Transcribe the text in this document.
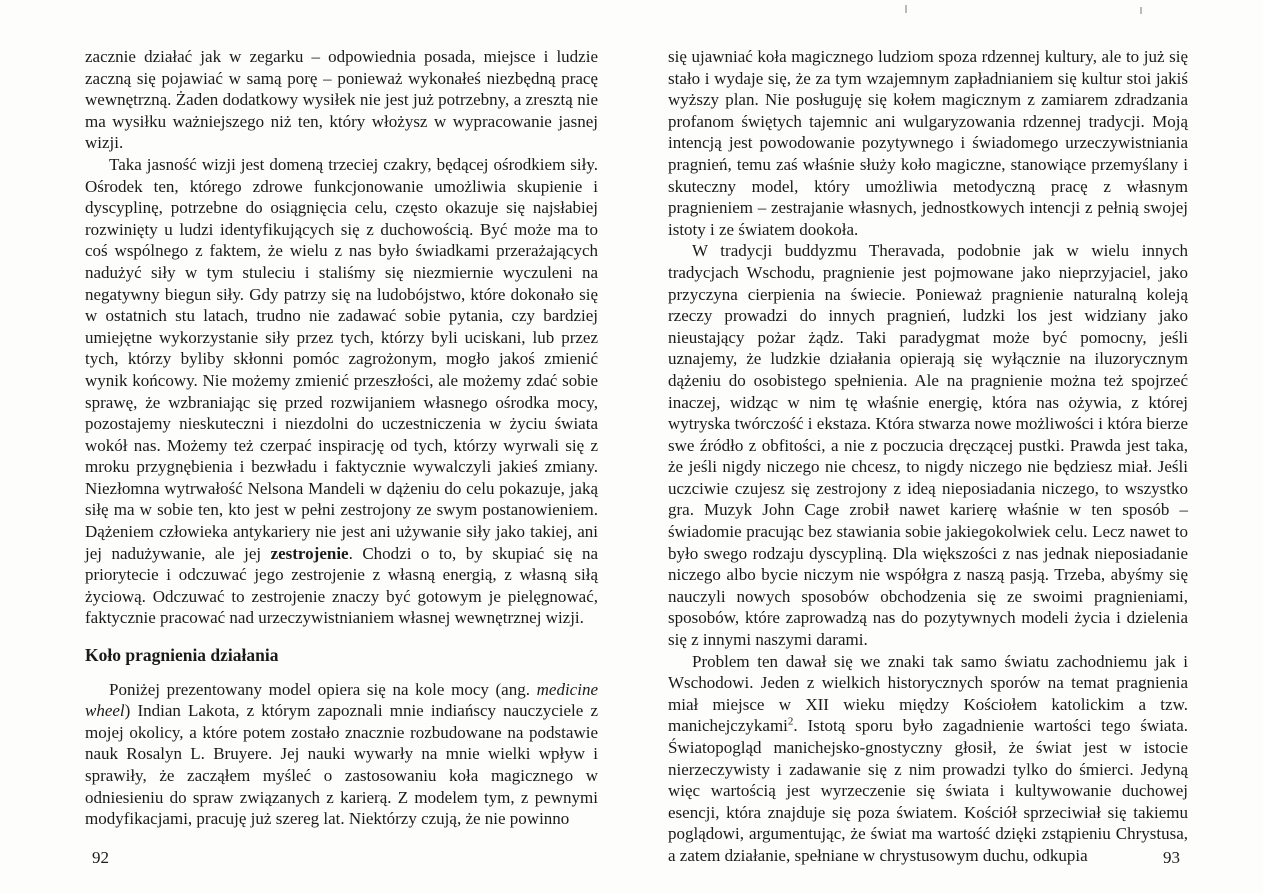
zacznie działać jak w zegarku – odpowiednia posada, miejsce i ludzie zaczną się pojawiać w samą porę – ponieważ wykonałeś niezbędną pracę wewnętrzną. Żaden dodatkowy wysiłek nie jest już potrzebny, a zresztą nie ma wysiłku ważniejszego niż ten, który włożysz w wypracowanie jasnej wizji.

Taka jasność wizji jest domeną trzeciej czakry, będącej ośrodkiem siły. Ośrodek ten, którego zdrowe funkcjonowanie umożliwia skupienie i dyscyplinę, potrzebne do osiągnięcia celu, często okazuje się najsłabiej rozwinięty u ludzi identyfikujących się z duchowością. Być może ma to coś wspólnego z faktem, że wielu z nas było świadkami przerażających nadużyć siły w tym stuleciu i staliśmy się niezmiernie wyczuleni na negatywny biegun siły. Gdy patrzy się na ludobójstwo, które dokonało się w ostatnich stu latach, trudno nie zadawać sobie pytania, czy bardziej umiejętne wykorzystanie siły przez tych, którzy byli uciskani, lub przez tych, którzy byliby skłonni pomóc zagrożonym, mogło jakoś zmienić wynik końcowy. Nie możemy zmienić przeszłości, ale możemy zdać sobie sprawę, że wzbraniając się przed rozwijaniem własnego ośrodka mocy, pozostajemy nieskuteczni i niezdolni do uczestniczenia w życiu świata wokół nas. Możemy też czerpać inspirację od tych, którzy wyrwali się z mroku przygnębienia i bezwładu i faktycznie wywalczyli jakieś zmiany. Niezłomna wytrwałość Nelsona Mandeli w dążeniu do celu pokazuje, jaką siłę ma w sobie ten, kto jest w pełni zestrojony ze swym postanowieniem. Dążeniem człowieka antykariery nie jest ani używanie siły jako takiej, ani jej nadużywanie, ale jej zestrojenie. Chodzi o to, by skupiać się na priorytecie i odczuwać jego zestrojenie z własną energią, z własną siłą życiową. Odczuwać to zestrojenie znaczy być gotowym je pielęgnować, faktycznie pracować nad urzeczywistnianiem własnej wewnętrznej wizji.

Koło pragnienia działania

Poniżej prezentowany model opiera się na kole mocy (ang. medicine wheel) Indian Lakota, z którym zapoznali mnie indiańscy nauczyciele z mojej okolicy, a które potem zostało znacznie rozbudowane na podstawie nauk Rosalyn L. Bruyere. Jej nauki wywarły na mnie wielki wpływ i sprawiły, że zacząłem myśleć o zastosowaniu koła magicznego w odniesieniu do spraw związanych z karierą. Z modelem tym, z pewnymi modyfikacjami, pracuję już szereg lat. Niektórzy czują, że nie powinno

się ujawniać koła magicznego ludziom spoza rdzennej kultury, ale to już się stało i wydaje się, że za tym wzajemnym zapładnianiem się kultur stoi jakiś wyższy plan. Nie posługuję się kołem magicznym z zamiarem zdradzania profanom świętych tajemnic ani wulgaryzowania rdzennej tradycji. Moją intencją jest powodowanie pozytywnego i świadomego urzeczywistniania pragnień, temu zaś właśnie służy koło magiczne, stanowiące przemyślany i skuteczny model, który umożliwia metodyczną pracę z własnym pragnieniem – zestrajanie własnych, jednostkowych intencji z pełnią swojej istoty i ze światem dookoła.

W tradycji buddyzmu Theravada, podobnie jak w wielu innych tradycjach Wschodu, pragnienie jest pojmowane jako nieprzyjaciel, jako przyczyna cierpienia na świecie. Ponieważ pragnienie naturalną koleją rzeczy prowadzi do innych pragnień, ludzki los jest widziany jako nieustający pożar żądz. Taki paradygmat może być pomocny, jeśli uznajemy, że ludzkie działania opierają się wyłącznie na iluzorycznym dążeniu do osobistego spełnienia. Ale na pragnienie można też spojrzeć inaczej, widząc w nim tę właśnie energię, która nas ożywia, z której wytryska twórczość i ekstaza. Która stwarza nowe możliwości i która bierze swe źródło z obfitości, a nie z poczucia dręczącej pustki. Prawda jest taka, że jeśli nigdy niczego nie chcesz, to nigdy niczego nie będziesz miał. Jeśli uczciwie czujesz się zestrojony z ideą nieposiadania niczego, to wszystko gra. Muzyk John Cage zrobił nawet karierę właśnie w ten sposób – świadomie pracując bez stawiania sobie jakiegokolwiek celu. Lecz nawet to było swego rodzaju dyscypliną. Dla większości z nas jednak nieposiadanie niczego albo bycie niczym nie współgra z naszą pasją. Trzeba, abyśmy się nauczyli nowych sposobów obchodzenia się ze swoimi pragnieniami, sposobów, które zaprowadzą nas do pozytywnych modeli życia i dzielenia się z innymi naszymi darami.

Problem ten dawał się we znaki tak samo światu zachodniemu jak i Wschodowi. Jeden z wielkich historycznych sporów na temat pragnienia miał miejsce w XII wieku między Kościołem katolickim a tzw. manichejczykami$^2$. Istotą sporu było zagadnienie wartości tego świata. Światopogląd manichejsko-gnostyczny głosił, że świat jest w istocie nierzeczywisty i zadawanie się z nim prowadzi tylko do śmierci. Jedyną więc wartością jest wyrzeczenie się świata i kultywowanie duchowej esencji, która znajduje się poza światem. Kościół sprzeciwiał się takiemu poglądowi, argumentując, że świat ma wartość dzięki zstąpieniu Chrystusa, a zatem działanie, spełniane w chrystusowym duchu, odkupia

92	93
